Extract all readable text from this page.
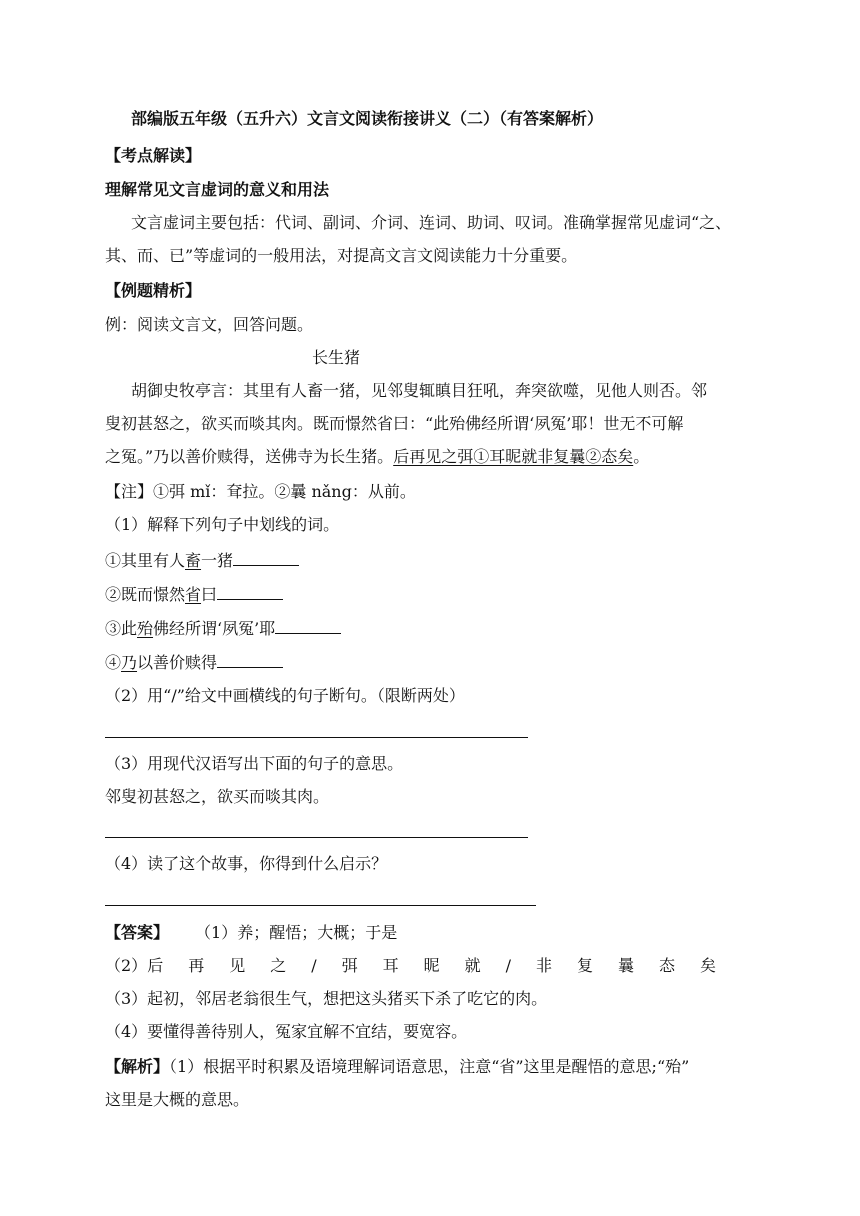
部编版五年级（五升六）文言文阅读衔接讲义（二）（有答案解析）
【考点解读】
理解常见文言虚词的意义和用法
文言虚词主要包括：代词、副词、介词、连词、助词、叹词。准确掌握常见虚词“之、
其、而、已”等虚词的一般用法，对提高文言文阅读能力十分重要。
【例题精析】
例：阅读文言文，回答问题。
长生猪
胡御史牧亭言：其里有人畜一猪，见邻叟辄瞋目狂吼，奔突欲噬，见他人则否。邻
叟初甚怒之，欲买而啖其肉。既而憬然省曰：“此殆佛经所谓‘夙冤’耶！世无不可解
之冤。”乃以善价赎得，送佛寺为长生猪。后再见之弭①耳昵就非复曩②态矣。
【注】①弭 mǐ：耷拉。②曩 nǎng：从前。
（1）解释下列句子中划线的词。
①其里有人畜一猪
②既而憬然省曰
③此殆佛经所谓‘夙冤’耶
④乃以善价赎得
（2）用“/”给文中画横线的句子断句。（限断两处）
（3）用现代汉语写出下面的句子的意思。
邻叟初甚怒之，欲买而啖其肉。
（4）读了这个故事，你得到什么启示？
【答案】 （1）养；醒悟；大概；于是
（2）后再见之/弭耳昵就/非复曩态矣
（3）起初，邻居老翁很生气，想把这头猪买下杀了吃它的肉。
（4）要懂得善待别人，冤家宜解不宜结，要宽容。
【解析】（1）根据平时积累及语境理解词语意思，注意“省”这里是醒悟的意思;“殆”
这里是大概的意思。
